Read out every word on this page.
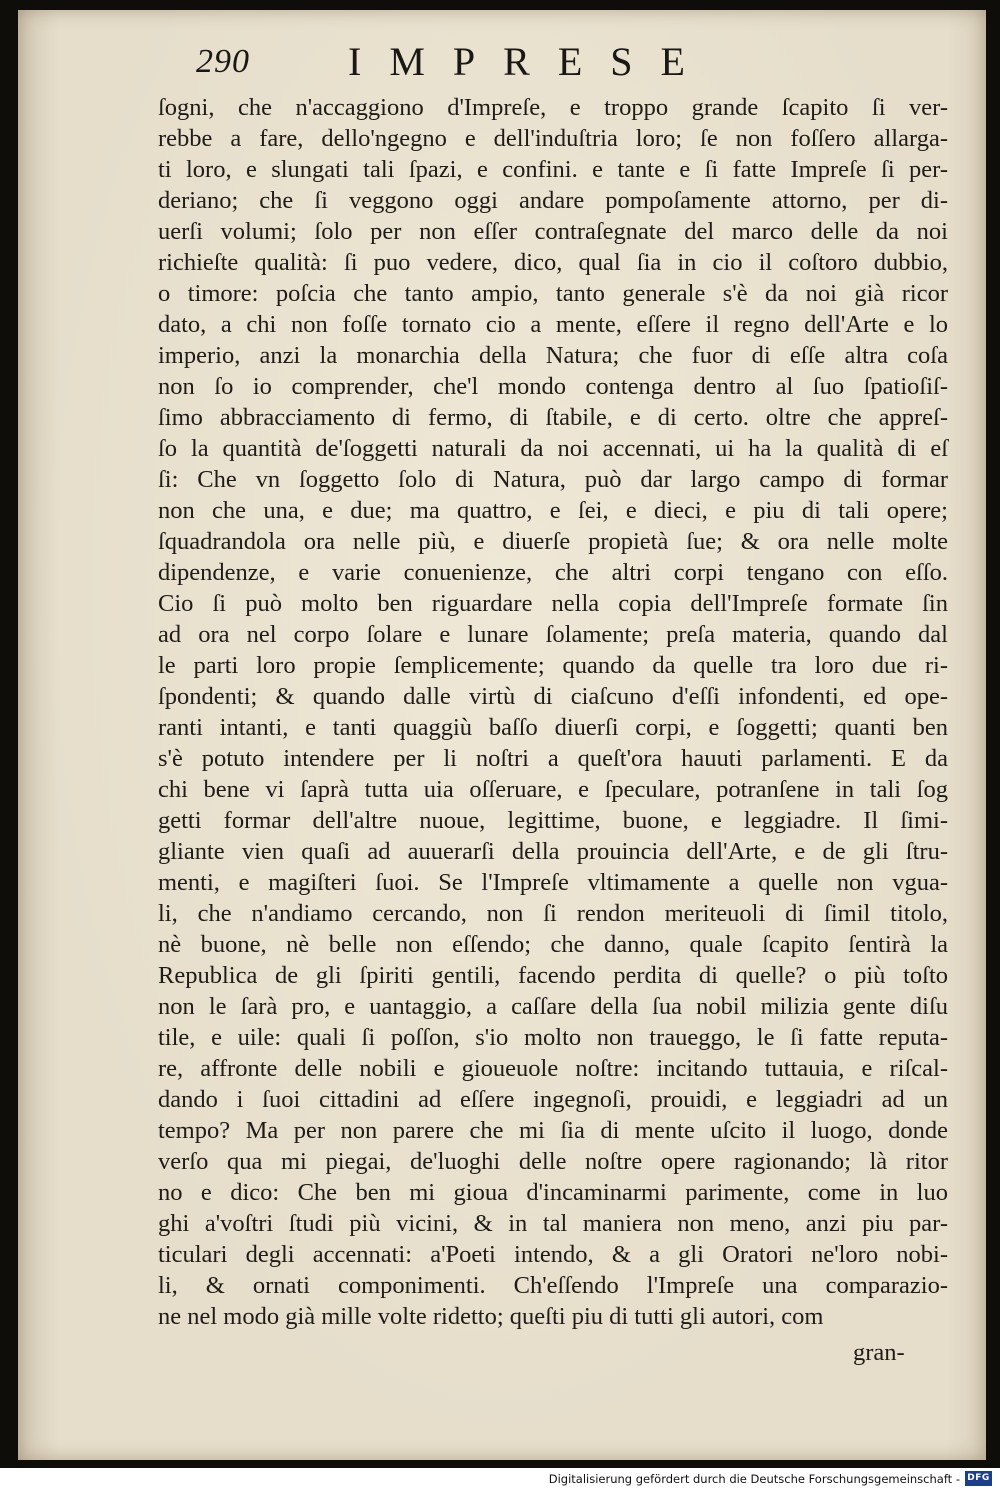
290 IMPRESE
ſogni, che n'accaggiono d'Impreſe, e troppo grande ſcapito ſi ver-
rebbe a fare, dello'ngegno e dell'induſtria loro; ſe non foſſero allarga-
ti loro, e slungati tali ſpazi, e confini. e tante e ſi fatte Impreſe ſi per-
deriano; che ſi veggono oggi andare pompoſamente attorno, per di-
uerſi volumi; ſolo per non eſſer contraſegnate del marco delle da noi
richieſte qualità: ſi puo vedere, dico, qual ſia in cio il coſtoro dubbio,
o timore: poſcia che tanto ampio, tanto generale s'è da noi già ricor
dato, a chi non foſſe tornato cio a mente, eſſere il regno dell'Arte e lo
imperio, anzi la monarchia della Natura; che fuor di eſſe altra coſa
non ſo io comprender, che'l mondo contenga dentro al ſuo ſpatioſiſ-
ſimo abbracciamento di fermo, di ſtabile, e di certo. oltre che appreſ-
ſo la quantità de'ſoggetti naturali da noi accennati, ui ha la qualità di eſ
ſi: Che vn ſoggetto ſolo di Natura, può dar largo campo di formar
non che una, e due; ma quattro, e ſei, e dieci, e piu di tali opere;
ſquadrandola ora nelle più, e diuerſe propietà ſue; & ora nelle molte
dipendenze, e varie conuenienze, che altri corpi tengano con eſſo.
Cio ſi può molto ben riguardare nella copia dell'Impreſe formate ſin
ad ora nel corpo ſolare e lunare ſolamente; preſa materia, quando dal
le parti loro propie ſemplicemente; quando da quelle tra loro due ri-
ſpondenti; & quando dalle virtù di ciaſcuno d'eſſi infondenti, ed ope-
ranti intanti, e tanti quaggiù baſſo diuerſi corpi, e ſoggetti; quanti ben
s'è potuto intendere per li noſtri a queſt'ora hauuti parlamenti. E da
chi bene vi ſaprà tutta uia oſſeruare, e ſpeculare, potranſene in tali ſog
getti formar dell'altre nuoue, legittime, buone, e leggiadre. Il ſimi-
gliante vien quaſi ad auuerarſi della prouincia dell'Arte, e de gli ſtru-
menti, e magiſteri ſuoi. Se l'Impreſe vltimamente a quelle non vgua-
li, che n'andiamo cercando, non ſi rendon meriteuoli di ſimil titolo,
nè buone, nè belle non eſſendo; che danno, quale ſcapito ſentirà la
Republica de gli ſpiriti gentili, facendo perdita di quelle? o più toſto
non le ſarà pro, e uantaggio, a caſſare della ſua nobil milizia gente diſu
tile, e uile: quali ſi poſſon, s'io molto non traueggo, le ſi fatte reputa-
re, affronte delle nobili e gioueuole noſtre: incitando tuttauia, e riſcal-
dando i ſuoi cittadini ad eſſere ingegnoſi, prouidi, e leggiadri ad un
tempo? Ma per non parere che mi ſia di mente uſcito il luogo, donde
verſo qua mi piegai, de'luoghi delle noſtre opere ragionando; là ritor
no e dico: Che ben mi gioua d'incaminarmi parimente, come in luo
ghi a'voſtri ſtudi più vicini, & in tal maniera non meno, anzi piu par-
ticulari degli accennati: a'Poeti intendo, & a gli Oratori ne'loro nobi-
li, & ornati componimenti. Ch'eſſendo l'Impreſe una comparazio-
ne nel modo già mille volte ridetto; queſti piu di tutti gli autori, com
gran-
Digitalisierung gefördert durch die Deutsche Forschungsgemeinschaft - DFG
